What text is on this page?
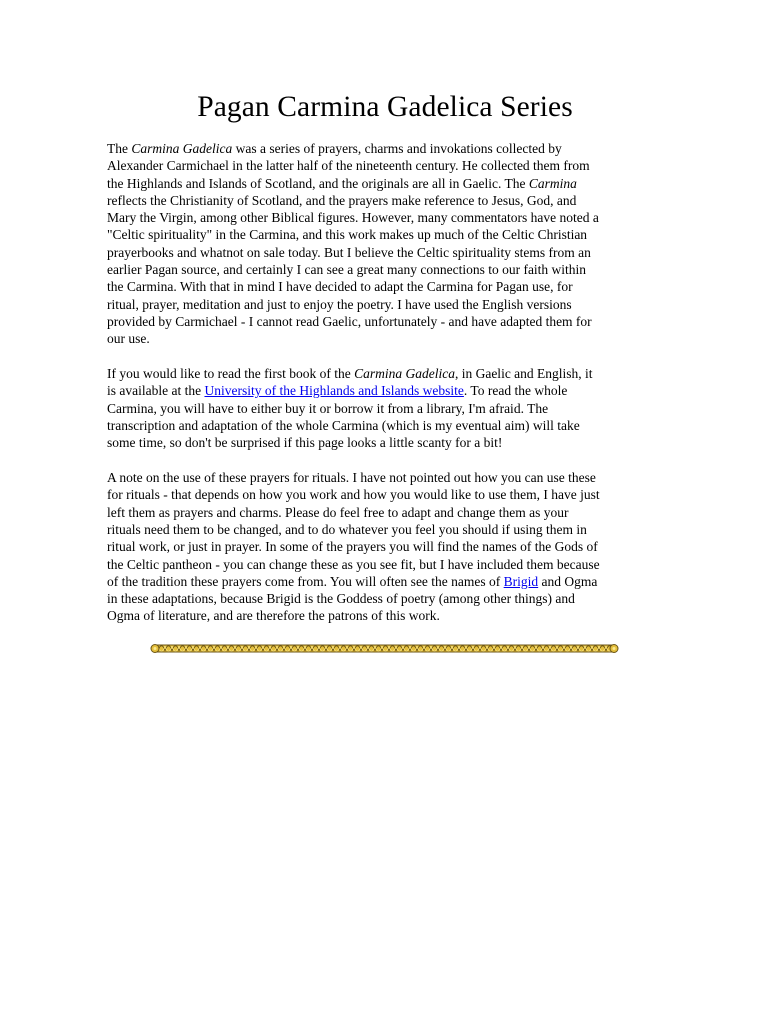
Pagan Carmina Gadelica Series

The Carmina Gadelica was a series of prayers, charms and invokations collected by
Alexander Carmichael in the latter half of the nineteenth century. He collected them from
the Highlands and Islands of Scotland, and the originals are all in Gaelic. The Carmina
reflects the Christianity of Scotland, and the prayers make reference to Jesus, God, and
Mary the Virgin, among other Biblical figures. However, many commentators have noted a
"Celtic spirituality" in the Carmina, and this work makes up much of the Celtic Christian
prayerbooks and whatnot on sale today. But I believe the Celtic spirituality stems from an
earlier Pagan source, and certainly I can see a great many connections to our faith within
the Carmina. With that in mind I have decided to adapt the Carmina for Pagan use, for
ritual, prayer, meditation and just to enjoy the poetry. I have used the English versions
provided by Carmichael - I cannot read Gaelic, unfortunately - and have adapted them for
our use.

If you would like to read the first book of the Carmina Gadelica, in Gaelic and English, it
is available at the University of the Highlands and Islands website. To read the whole
Carmina, you will have to either buy it or borrow it from a library, I'm afraid. The
transcription and adaptation of the whole Carmina (which is my eventual aim) will take
some time, so don't be surprised if this page looks a little scanty for a bit!

A note on the use of these prayers for rituals. I have not pointed out how you can use these
for rituals - that depends on how you work and how you would like to use them, I have just
left them as prayers and charms. Please do feel free to adapt and change them as your
rituals need them to be changed, and to do whatever you feel you should if using them in
ritual work, or just in prayer. In some of the prayers you will find the names of the Gods of
the Celtic pantheon - you can change these as you see fit, but I have included them because
of the tradition these prayers come from. You will often see the names of Brigid and Ogma
in these adaptations, because Brigid is the Goddess of poetry (among other things) and
Ogma of literature, and are therefore the patrons of this work.
